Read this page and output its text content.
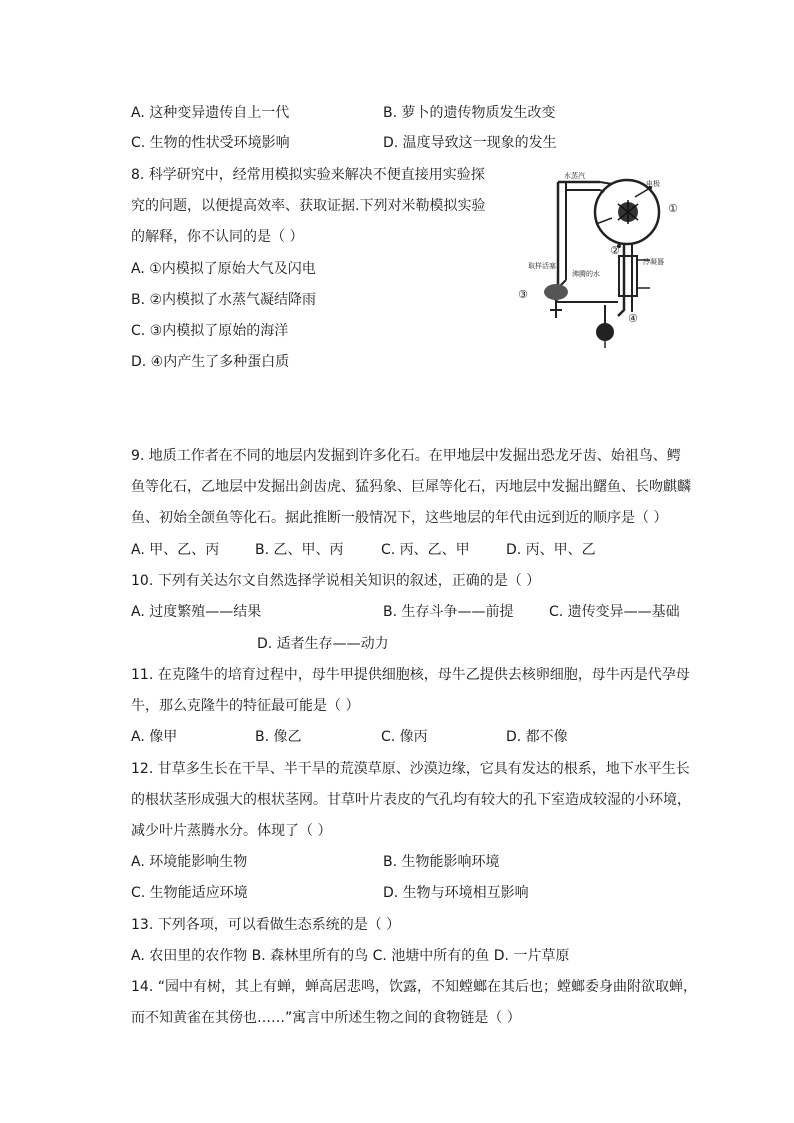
A. 这种变异遗传自上一代	B. 萝卜的遗传物质发生改变
C. 生物的性状受环境影响	D. 温度导致这一现象的发生
8. 科学研究中，经常用模拟实验来解决不便直接用实验探
究的问题，以便提高效率、获取证据.下列对米勒模拟实验
的解释，你不认同的是（ ）
A. ①内模拟了原始大气及闪电
B. ②内模拟了水蒸气凝结降雨
C. ③内模拟了原始的海洋
D. ④内产生了多种蛋白质
水蒸汽
电极
冷凝器
沸腾的水
取样活塞
①
②
③
④
9. 地质工作者在不同的地层内发掘到许多化石。在甲地层中发掘出恐龙牙齿、始祖鸟、鳄
鱼等化石，乙地层中发掘出剑齿虎、猛犸象、巨犀等化石，丙地层中发掘出鱰鱼、长吻麒麟
鱼、初始全颌鱼等化石。据此推断一般情况下，这些地层的年代由远到近的顺序是（ ）
A. 甲、乙、丙	B. 乙、甲、丙	C. 丙、乙、甲	D. 丙、甲、乙
10. 下列有关达尔文自然选择学说相关知识的叙述，正确的是（ ）
A. 过度繁殖——结果	B. 生存斗争——前提	C. 遗传变异——基础
D. 适者生存——动力
11. 在克隆牛的培育过程中，母牛甲提供细胞核，母牛乙提供去核卵细胞，母牛丙是代孕母
牛，那么克隆牛的特征最可能是（ ）
A. 像甲	B. 像乙	C. 像丙	D. 都不像
12. 甘草多生长在干旱、半干旱的荒漠草原、沙漠边缘，它具有发达的根系，地下水平生长
的根状茎形成强大的根状茎网。甘草叶片表皮的气孔均有较大的孔下室造成较湿的小环境，
减少叶片蒸腾水分。体现了（ ）
A. 环境能影响生物	B. 生物能影响环境
C. 生物能适应环境	D. 生物与环境相互影响
13. 下列各项，可以看做生态系统的是（ ）
A. 农田里的农作物 B. 森林里所有的鸟 C. 池塘中所有的鱼 D. 一片草原
14. “园中有树，其上有蝉，蝉高居悲鸣，饮露，不知螳螂在其后也；螳螂委身曲附欲取蝉，
而不知黄雀在其傍也……”寓言中所述生物之间的食物链是（ ）
